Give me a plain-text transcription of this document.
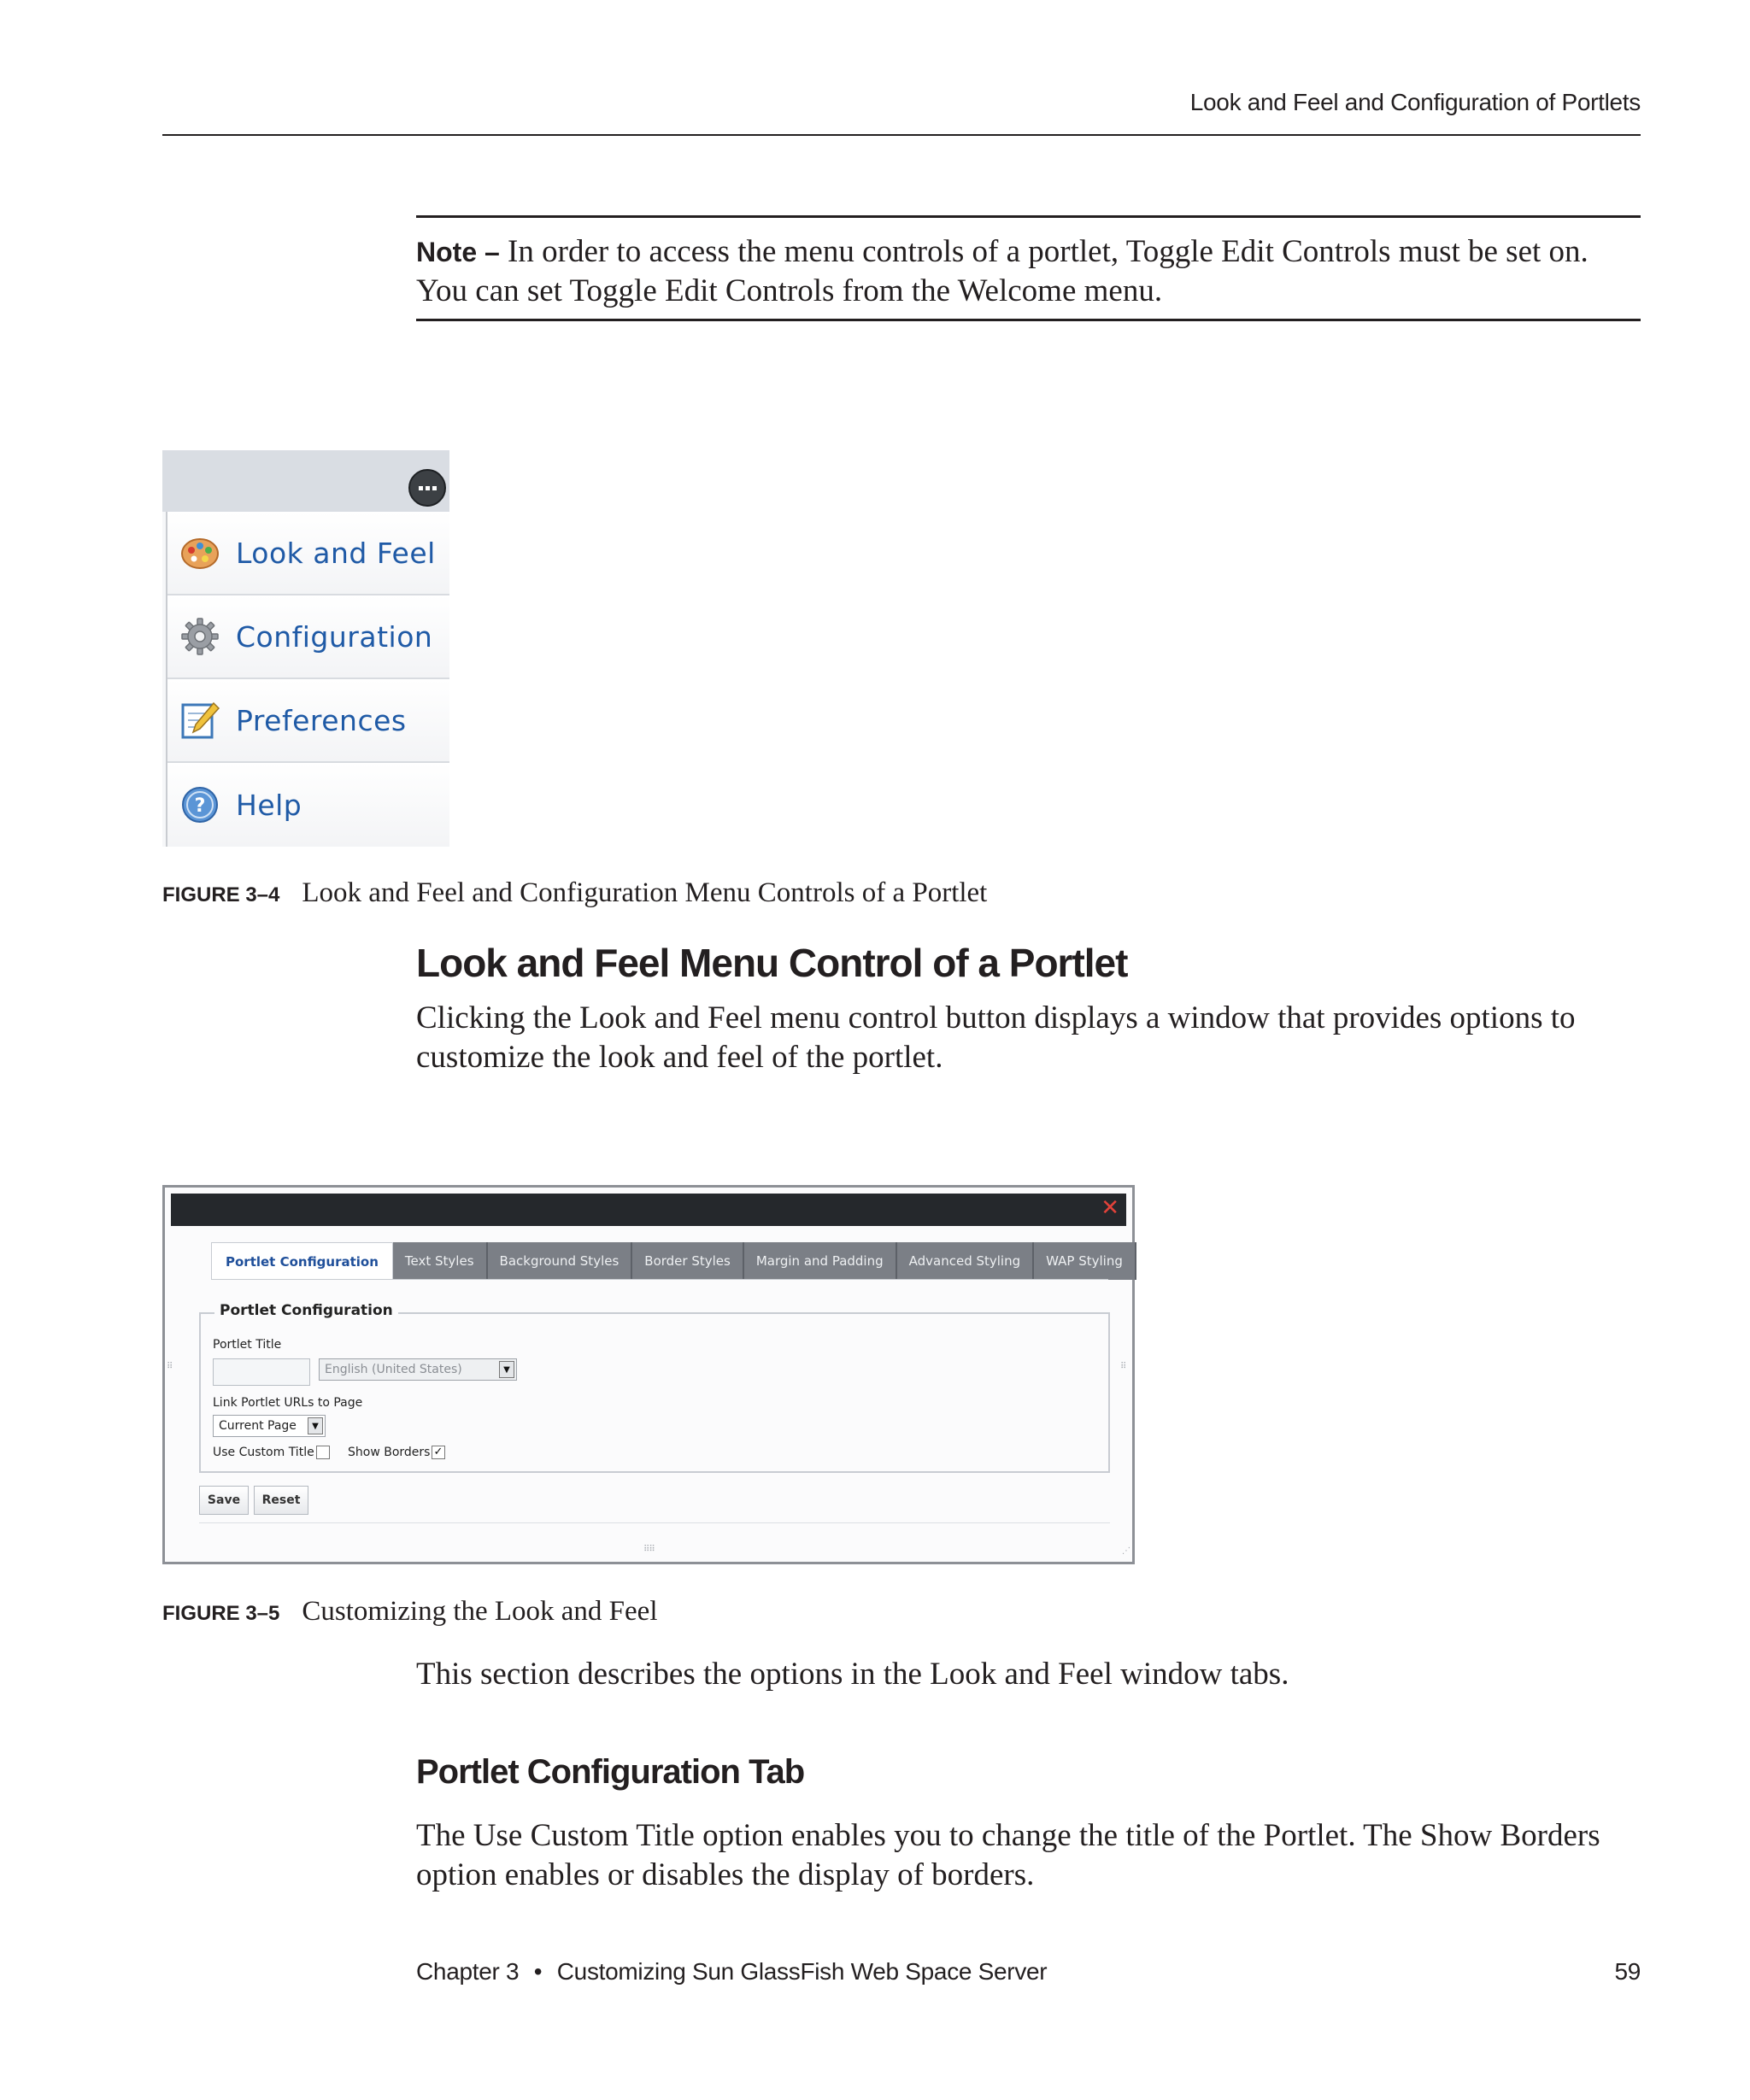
Look and Feel and Configuration of Portlets
Note – In order to access the menu controls of a portlet, Toggle Edit Controls must be set on. You can set Toggle Edit Controls from the Welcome menu.
Look and Feel
Configuration
Preferences
? Help
FIGURE 3–4 Look and Feel and Configuration Menu Controls of a Portlet
Look and Feel Menu Control of a Portlet
Clicking the Look and Feel menu control button displays a window that provides options to customize the look and feel of the portlet.
✕
Portlet Configuration	Text Styles	Background Styles	Border Styles	Margin and Padding	Advanced Styling	WAP Styling
Portlet Configuration
Portlet Title
English (United States)	▼
Link Portlet URLs to Page
Current Page	▼
Use Custom Title	Show Borders ✓
Save	Reset
⠿	⠿
⠿⠿	⋰
FIGURE 3–5 Customizing the Look and Feel
This section describes the options in the Look and Feel window tabs.
Portlet Configuration Tab
The Use Custom Title option enables you to change the title of the Portlet. The Show Borders option enables or disables the display of borders.
Chapter 3 • Customizing Sun GlassFish Web Space Server	59
